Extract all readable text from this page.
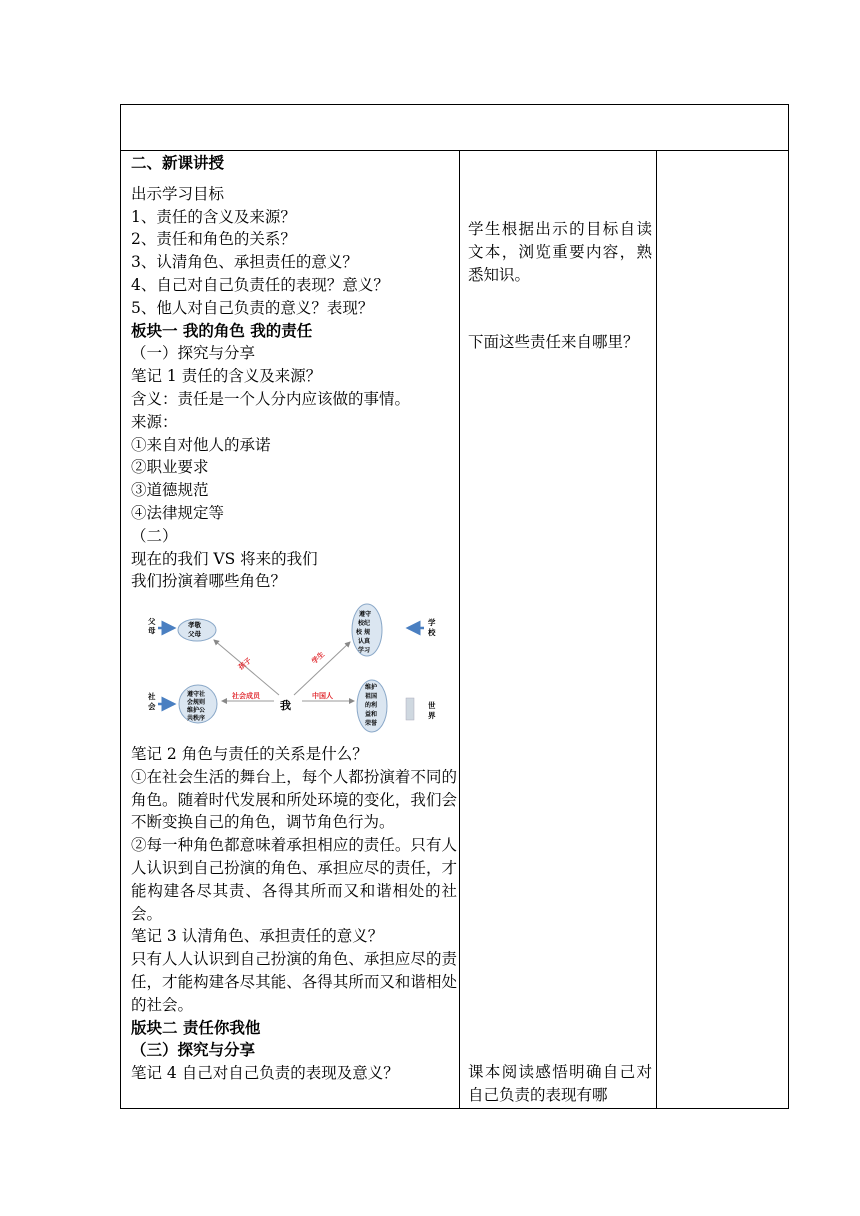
二、新课讲授
出示学习目标
1、责任的含义及来源？
2、责任和角色的关系？
3、认清角色、承担责任的意义？
4、自己对自己负责任的表现？意义？
5、他人对自己负责的意义？表现？
板块一 我的角色 我的责任
（一）探究与分享
笔记 1 责任的含义及来源？
含义：责任是一个人分内应该做的事情。
来源：
①来自对他人的承诺
②职业要求
③道德规范
④法律规定等
（二）
现在的我们 VS 将来的我们
我们扮演着哪些角色？
我
孩子	学生
社会成员	中国人
父
母
孝敬
父母
遵守
校纪
校 规
认真
学习
学
校
社
会
遵守社
会规则
维护公
共秩序
维护
祖国
的利
益和
荣誉
世
界
笔记 2 角色与责任的关系是什么？
①在社会生活的舞台上，每个人都扮演着不同的角色。随着时代发展和所处环境的变化，我们会不断变换自己的角色，调节角色行为。
②每一种角色都意味着承担相应的责任。只有人人认识到自己扮演的角色、承担应尽的责任，才能构建各尽其责、各得其所而又和谐相处的社会。
笔记 3 认清角色、承担责任的意义？
只有人人认识到自己扮演的角色、承担应尽的责任，才能构建各尽其能、各得其所而又和谐相处的社会。
版块二 责任你我他
（三）探究与分享
笔记 4 自己对自己负责的表现及意义？
学生根据出示的目标自读文本，浏览重要内容，熟悉知识。
下面这些责任来自哪里？
课本阅读感悟明确自己对自己负责的表现有哪
